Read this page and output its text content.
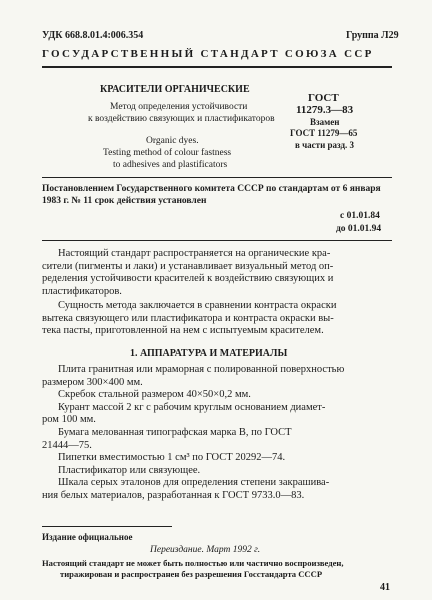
УДК 668.8.01.4:006.354	Группа Л29
ГОСУДАРСТВЕННЫЙ СТАНДАРТ СОЮЗА ССР
КРАСИТЕЛИ ОРГАНИЧЕСКИЕ
Метод определения устойчивости
к воздействию связующих и пластификаторов
Organic dyes.
Testing method of colour fastness
to adhesives and plastificators
ГОСТ
11279.3—83
Взамен
ГОСТ 11279—65
в части разд. 3
Постановлением Государственного комитета СССР по стандартам от 6 января
1983 г. № 11 срок действия установлен
с 01.01.84
до 01.01.94
Настоящий стандарт распространяется на органические кра-
сители (пигменты и лаки) и устанавливает визуальный метод оп-
ределения устойчивости красителей к воздействию связующих и
пластификаторов.
Сущность метода заключается в сравнении контраста окраски
вытека связующего или пластификатора и контраста окраски вы-
тека пасты, приготовленной на нем с испытуемым красителем.
1. АППАРАТУРА И МАТЕРИАЛЫ
Плита гранитная или мраморная с полированной поверхностью
размером 300×400 мм.
Скребок стальной размером 40×50×0,2 мм.
Курант массой 2 кг с рабочим круглым основанием диамет-
ром 100 мм.
Бумага мелованная типографская марка В, по ГОСТ
21444—75.
Пипетки вместимостью 1 см³ по ГОСТ 20292—74.
Пластификатор или связующее.
Шкала серых эталонов для определения степени закрашива-
ния белых материалов, разработанная к ГОСТ 9733.0—83.
Издание официальное
Переиздание. Март 1992 г.
Настоящий стандарт не может быть полностью или частично воспроизведен,
тиражирован и распространен без разрешения Госстандарта СССР
41
